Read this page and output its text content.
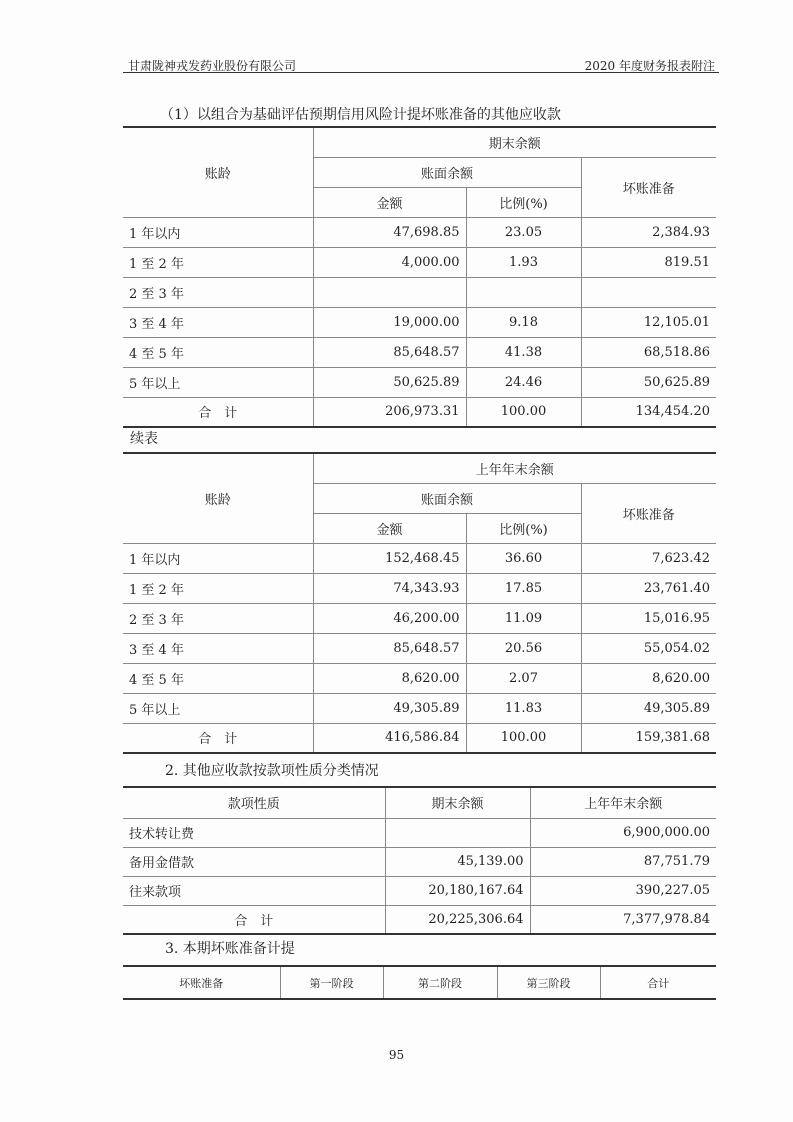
甘肃陇神戎发药业股份有限公司	2020 年度财务报表附注
（1）以组合为基础评估预期信用风险计提坏账准备的其他应收款
账龄	期末余额		
	账面余额		坏账准备
	金额	比例(%)	
1 年以内	47,698.85	23.05	2,384.93
1 至 2 年	4,000.00	1.93	819.51
2 至 3 年			
3 至 4 年	19,000.00	9.18	12,105.01
4 至 5 年	85,648.57	41.38	68,518.86
5 年以上	50,625.89	24.46	50,625.89
合　计	206,973.31	100.00	134,454.20
续表
账龄	上年年末余额		
	账面余额		坏账准备
	金额	比例(%)	
1 年以内	152,468.45	36.60	7,623.42
1 至 2 年	74,343.93	17.85	23,761.40
2 至 3 年	46,200.00	11.09	15,016.95
3 至 4 年	85,648.57	20.56	55,054.02
4 至 5 年	8,620.00	2.07	8,620.00
5 年以上	49,305.89	11.83	49,305.89
合　计	416,586.84	100.00	159,381.68
2. 其他应收款按款项性质分类情况
款项性质	期末余额	上年年末余额
技术转让费		6,900,000.00
备用金借款	45,139.00	87,751.79
往来款项	20,180,167.64	390,227.05
合　计	20,225,306.64	7,377,978.84
3. 本期坏账准备计提
坏账准备	第一阶段	第二阶段	第三阶段	合计
95
